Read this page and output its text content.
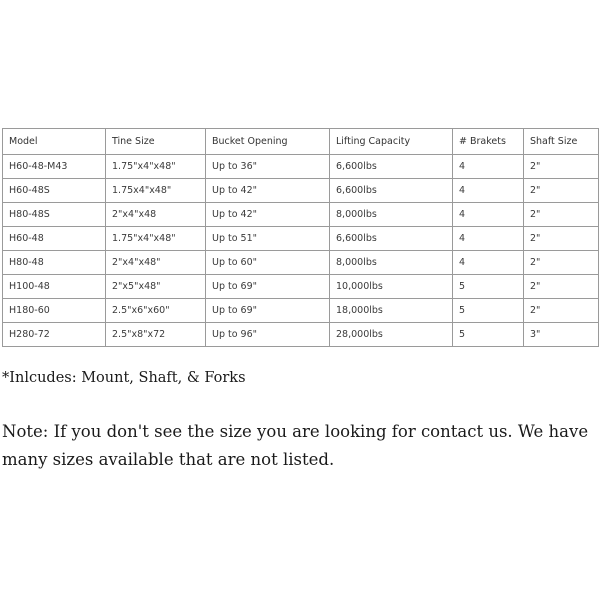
Model	Tine Size	Bucket Opening	Lifting Capacity	# Brakets	Shaft Size
H60-48-M43	1.75"x4"x48"	Up to 36"	6,600lbs	4	2"
H60-48S	1.75x4"x48"	Up to 42"	6,600lbs	4	2"
H80-48S	2"x4"x48	Up to 42"	8,000lbs	4	2"
H60-48	1.75"x4"x48"	Up to 51"	6,600lbs	4	2"
H80-48	2"x4"x48"	Up to 60"	8,000lbs	4	2"
H100-48	2"x5"x48"	Up to 69"	10,000lbs	5	2"
H180-60	2.5"x6"x60"	Up to 69"	18,000lbs	5	2"
H280-72	2.5"x8"x72	Up to 96"	28,000lbs	5	3"
*Inlcudes: Mount, Shaft, & Forks
Note: If you don't see the size you are looking for contact us. We have many sizes available that are not listed.
